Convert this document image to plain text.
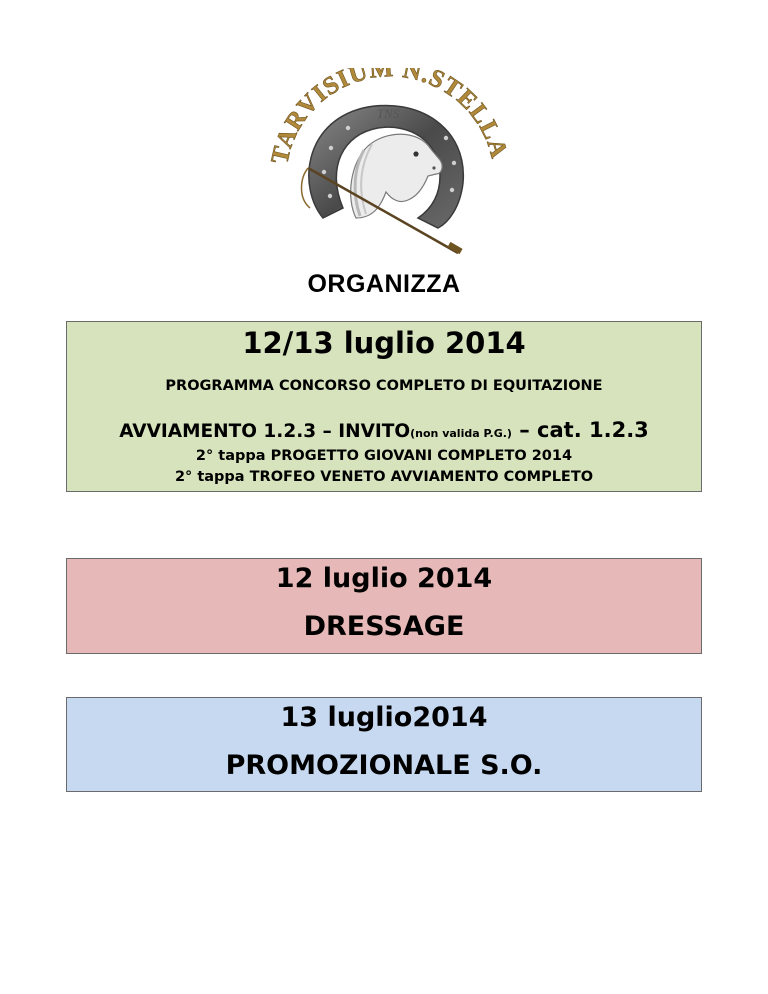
TARVISIUM N.STELL
TNS
ORGANIZZA
12/13 luglio 2014
PROGRAMMA CONCORSO COMPLETO DI EQUITAZIONE
AVVIAMENTO 1.2.3 – INVITO(non valida P.G.) – cat. 1.2.3
2° tappa PROGETTO GIOVANI COMPLETO 2014
2° tappa TROFEO VENETO AVVIAMENTO COMPLETO
12 luglio 2014
DRESSAGE
13 luglio2014
PROMOZIONALE S.O.
